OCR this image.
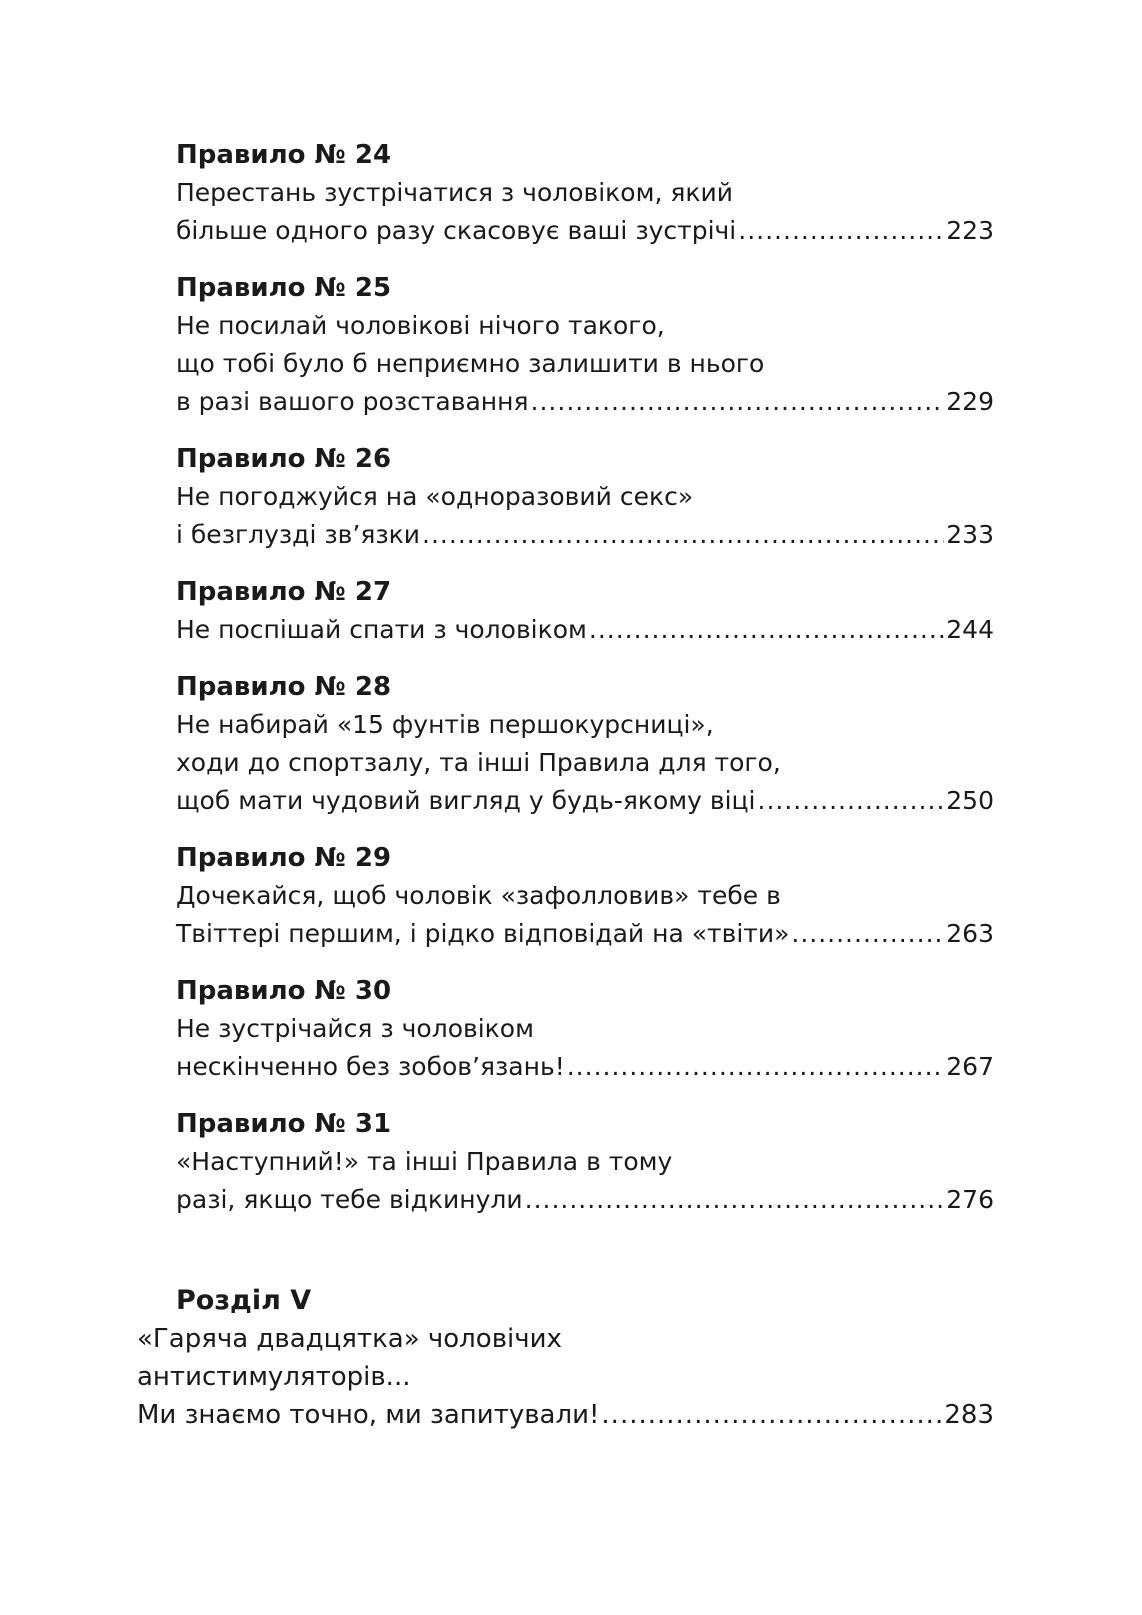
Правило № 24
Перестань зустрічатися з чоловіком, який
більше одного разу скасовує ваші зустрічі .....	223
Правило № 25
Не посилай чоловікові нічого такого,
що тобі було б неприємно залишити в нього
в разі вашого розставання .....	229
Правило № 26
Не погоджуйся на «одноразовий секс»
і безглузді зв’язки .....	233
Правило № 27
Не поспішай спати з чоловіком .....	244
Правило № 28
Не набирай «15 фунтів першокурсниці»,
ходи до спортзалу, та інші Правила для того,
щоб мати чудовий вигляд у будь-якому віці .....	250
Правило № 29
Дочекайся, щоб чоловік «зафолловив» тебе в
Твіттері першим, і рідко відповідай на «твіти» .....	263
Правило № 30
Не зустрічайся з чоловіком
нескінченно без зобов’язань! .....	267
Правило № 31
«Наступний!» та інші Правила в тому
разі, якщо тебе відкинули .....	276
Розділ V
«Гаряча двадцятка» чоловічих
антистимуляторів...
Ми знаємо точно, ми запитували! .....	283
